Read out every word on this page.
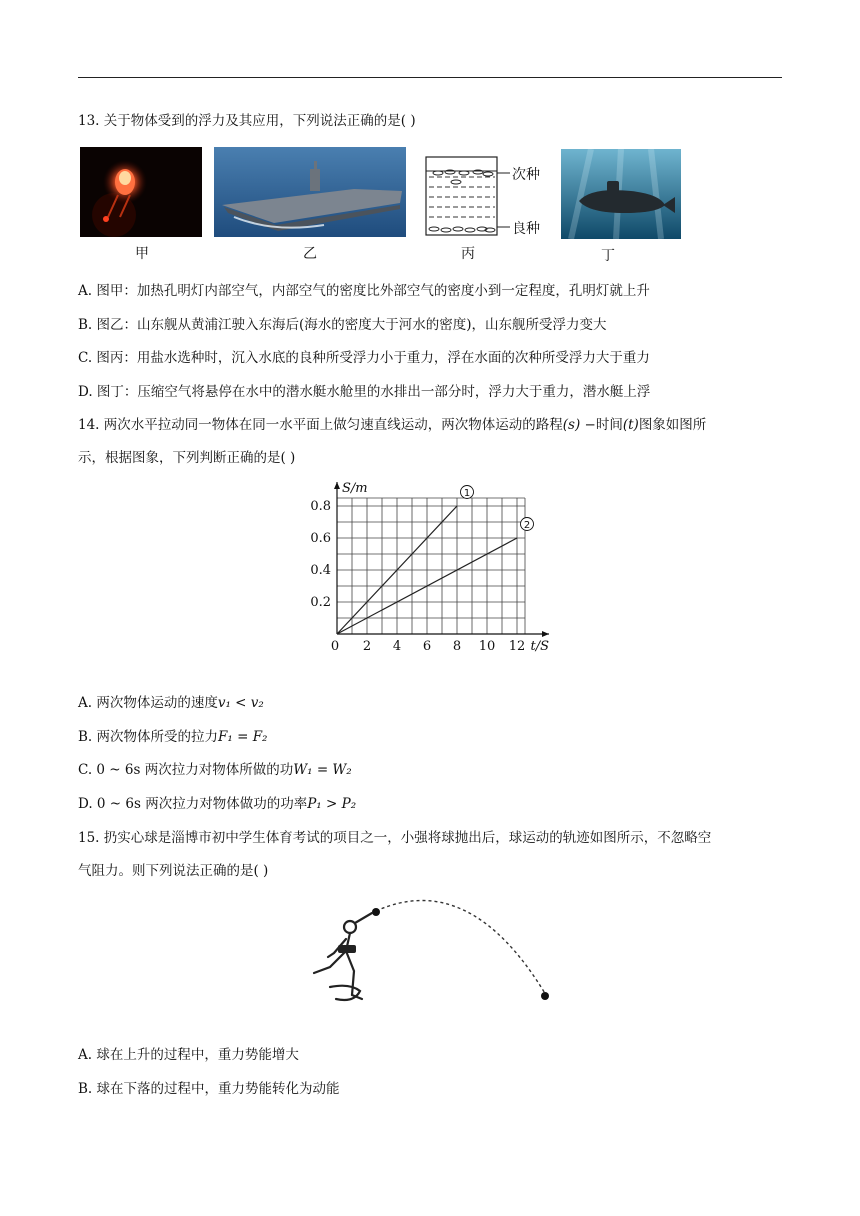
13. 关于物体受到的浮力及其应用，下列说法正确的是( )
次种
良种
甲	乙	丙	丁
A. 图甲：加热孔明灯内部空气，内部空气的密度比外部空气的密度小到一定程度，孔明灯就上升
B. 图乙：山东舰从黄浦江驶入东海后(海水的密度大于河水的密度)，山东舰所受浮力变大
C. 图丙：用盐水选种时，沉入水底的良种所受浮力小于重力，浮在水面的次种所受浮力大于重力
D. 图丁：压缩空气将悬停在水中的潜水艇水舱里的水排出一部分时，浮力大于重力，潜水艇上浮
14. 两次水平拉动同一物体在同一水平面上做匀速直线运动，两次物体运动的路程(s) −时间(t)图象如图所
示，根据图象，下列判断正确的是( )
0 2 4 6 8 10 12
0.2
0.4
0.6
0.8
t/S
S/m	1
2
A. 两次物体运动的速度v₁ < v₂
B. 两次物体所受的拉力F₁ = F₂
C. 0 ~ 6s 两次拉力对物体所做的功W₁ = W₂
D. 0 ~ 6s 两次拉力对物体做功的功率P₁ > P₂
15. 扔实心球是淄博市初中学生体育考试的项目之一，小强将球抛出后，球运动的轨迹如图所示，不忽略空
气阻力。则下列说法正确的是( )
A. 球在上升的过程中，重力势能增大
B. 球在下落的过程中，重力势能转化为动能
